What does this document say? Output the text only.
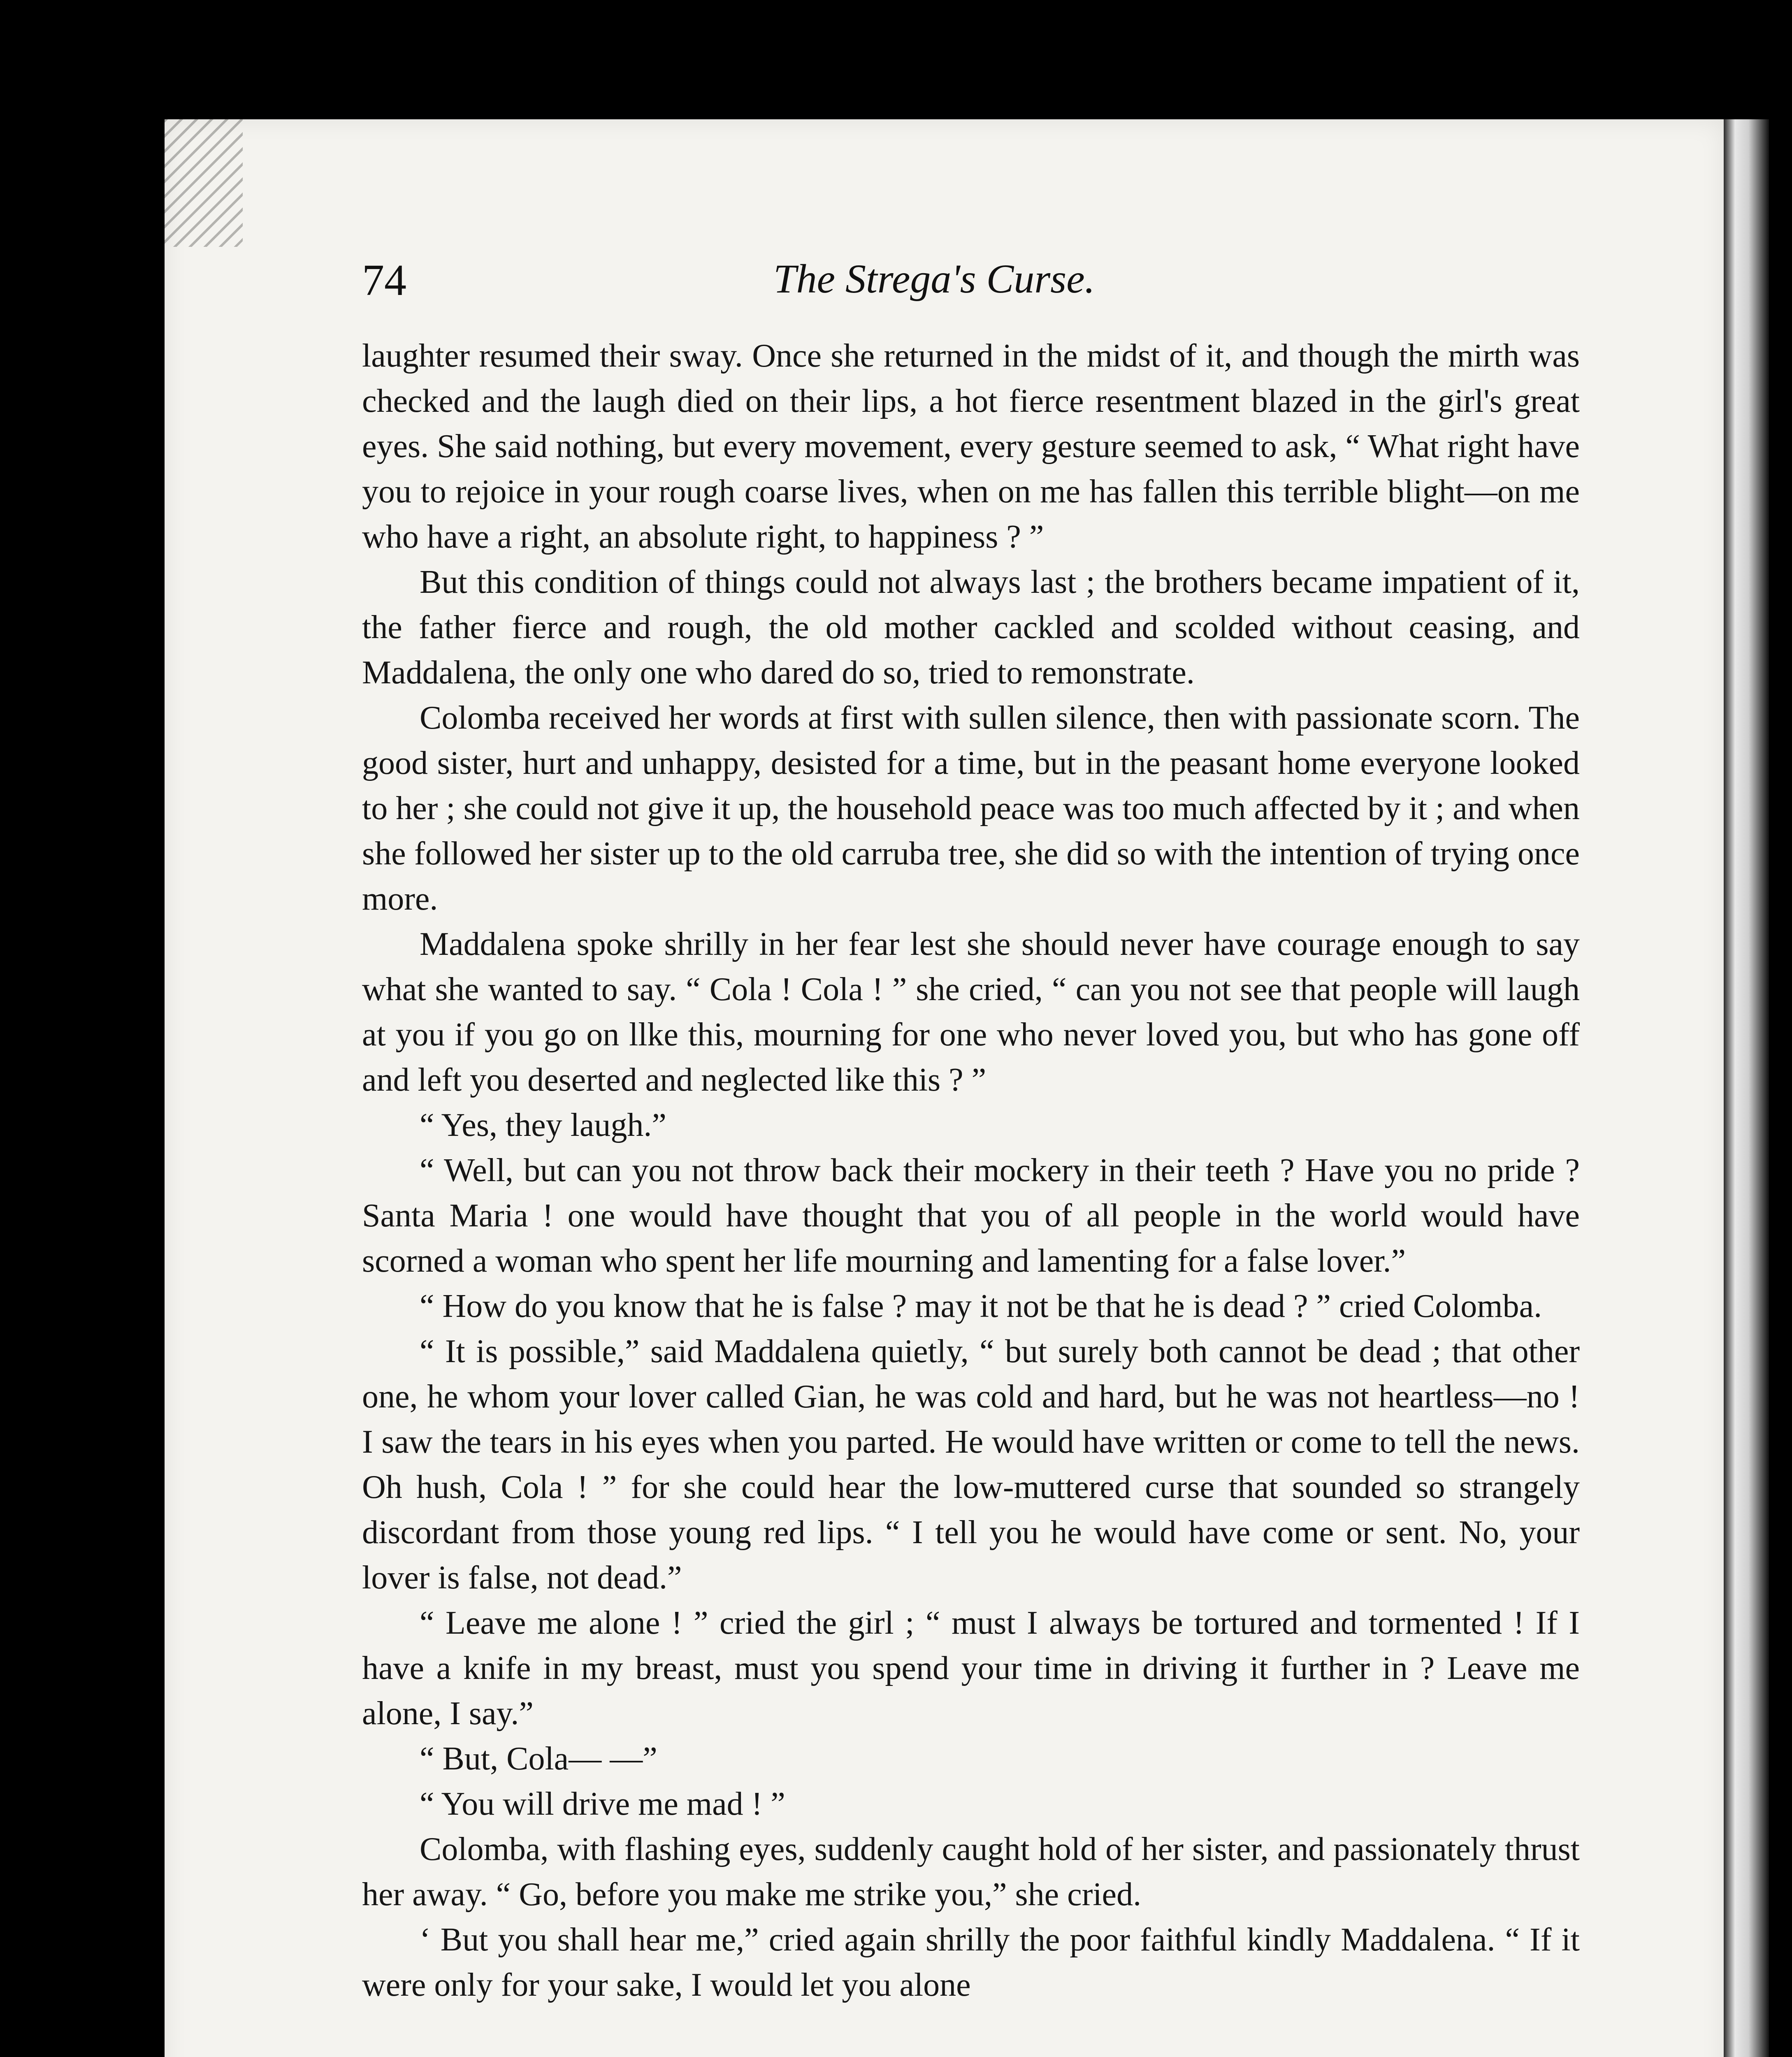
74	The Strega's Curse.

laughter resumed their sway. Once she returned in the midst of it, and though the mirth was checked and the laugh died on their lips, a hot fierce resentment blazed in the girl's great eyes. She said nothing, but every movement, every gesture seemed to ask, “ What right have you to rejoice in your rough coarse lives, when on me has fallen this terrible blight—on me who have a right, an absolute right, to happiness ? ”

But this condition of things could not always last ; the brothers became impatient of it, the father fierce and rough, the old mother cackled and scolded without ceasing, and Maddalena, the only one who dared do so, tried to remonstrate.

Colomba received her words at first with sullen silence, then with passionate scorn. The good sister, hurt and unhappy, desisted for a time, but in the peasant home everyone looked to her ; she could not give it up, the household peace was too much affected by it ; and when she followed her sister up to the old carruba tree, she did so with the intention of trying once more.

Maddalena spoke shrilly in her fear lest she should never have courage enough to say what she wanted to say. “ Cola ! Cola ! ” she cried, “ can you not see that people will laugh at you if you go on llke this, mourning for one who never loved you, but who has gone off and left you deserted and neglected like this ? ”

“ Yes, they laugh.”

“ Well, but can you not throw back their mockery in their teeth ? Have you no pride ? Santa Maria ! one would have thought that you of all people in the world would have scorned a woman who spent her life mourning and lamenting for a false lover.”

“ How do you know that he is false ? may it not be that he is dead ? ” cried Colomba.

“ It is possible,” said Maddalena quietly, “ but surely both cannot be dead ; that other one, he whom your lover called Gian, he was cold and hard, but he was not heartless—no ! I saw the tears in his eyes when you parted. He would have written or come to tell the news. Oh hush, Cola ! ” for she could hear the low-muttered curse that sounded so strangely discordant from those young red lips. “ I tell you he would have come or sent. No, your lover is false, not dead.”

“ Leave me alone ! ” cried the girl ; “ must I always be tortured and tormented ! If I have a knife in my breast, must you spend your time in driving it further in ? Leave me alone, I say.”

“ But, Cola— —”

“ You will drive me mad ! ”

Colomba, with flashing eyes, suddenly caught hold of her sister, and passionately thrust her away. “ Go, before you make me strike you,” she cried.

‘ But you shall hear me,” cried again shrilly the poor faithful kindly Maddalena. “ If it were only for your sake, I would let you alone
